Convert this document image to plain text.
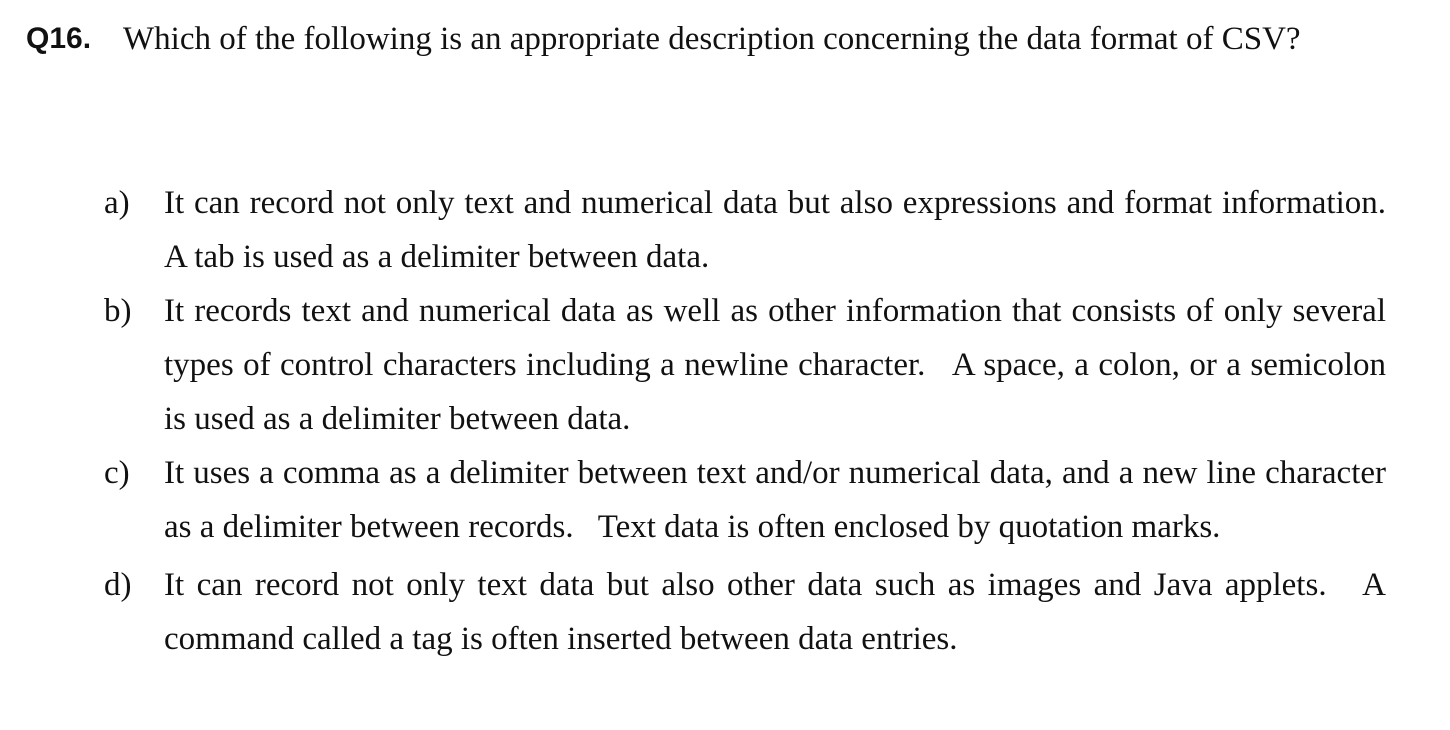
Q16. Which of the following is an appropriate description concerning the data format of CSV?
a) It can record not only text and numerical data but also expressions and format information.   A tab is used as a delimiter between data.
b) It records text and numerical data as well as other information that consists of only several types of control characters including a newline character.   A space, a colon, or a semicolon is used as a delimiter between data.
c) It uses a comma as a delimiter between text and/or numerical data, and a new line character as a delimiter between records.   Text data is often enclosed by quotation marks.
d) It can record not only text data but also other data such as images and Java applets.   A command called a tag is often inserted between data entries.
